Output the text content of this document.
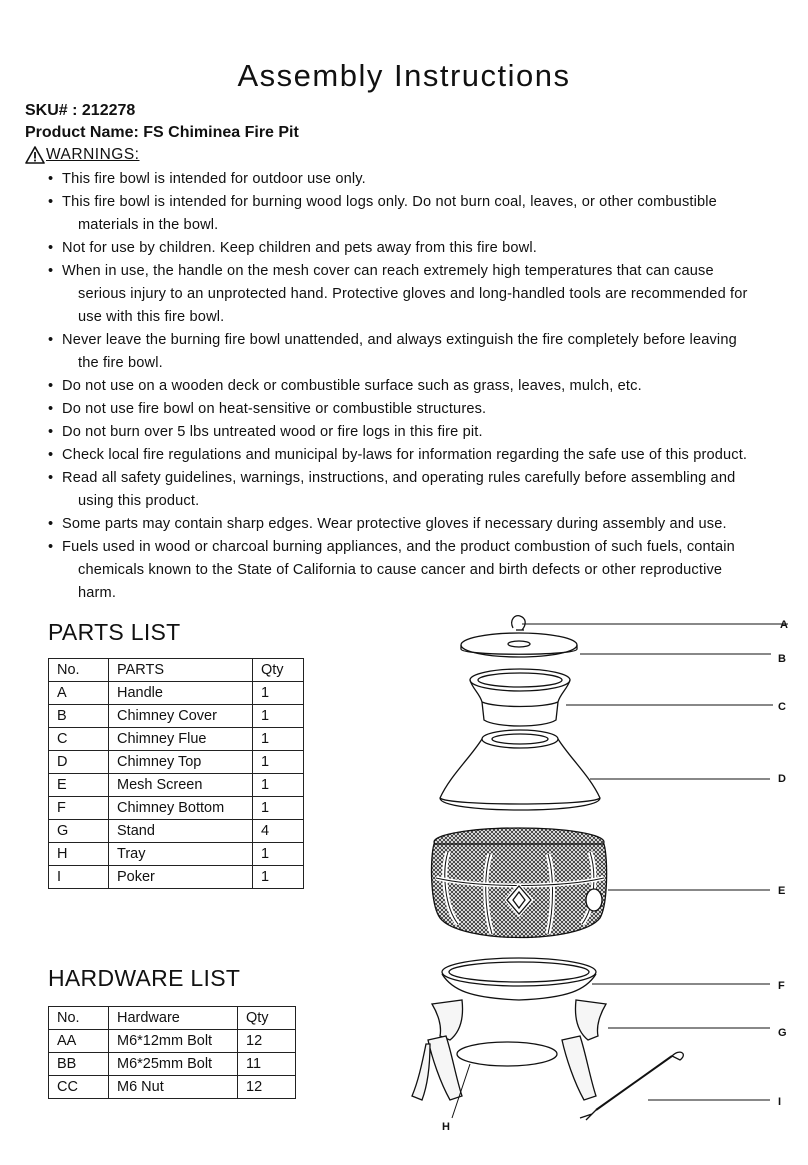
Assembly Instructions
SKU# : 212278
Product Name: FS Chiminea Fire Pit
WARNINGS:
• This fire bowl is intended for outdoor use only.
• This fire bowl is intended for burning wood logs only. Do not burn coal, leaves, or other combustible
materials in the bowl.
• Not for use by children. Keep children and pets away from this fire bowl.
• When in use, the handle on the mesh cover can reach extremely high temperatures that can cause
serious injury to an unprotected hand. Protective gloves and long-handled tools are recommended for
use with this fire bowl.
• Never leave the burning fire bowl unattended, and always extinguish the fire completely before leaving
the fire bowl.
• Do not use on a wooden deck or combustible surface such as grass, leaves, mulch, etc.
• Do not use fire bowl on heat-sensitive or combustible structures.
• Do not burn over 5 lbs untreated wood or fire logs in this fire pit.
• Check local fire regulations and municipal by-laws for information regarding the safe use of this product.
• Read all safety guidelines, warnings, instructions, and operating rules carefully before assembling and
using this product.
• Some parts may contain sharp edges. Wear protective gloves if necessary during assembly and use.
• Fuels used in wood or charcoal burning appliances, and the product combustion of such fuels, contain
chemicals known to the State of California to cause cancer and birth defects or other reproductive
harm.
PARTS LIST
No.	PARTS	Qty
A	Handle	1
B	Chimney Cover	1
C	Chimney Flue	1
D	Chimney Top	1
E	Mesh Screen	1
F	Chimney Bottom	1
G	Stand	4
H	Tray	1
I	Poker	1
HARDWARE LIST
No.	Hardware	Qty
AA	M6*12mm Bolt	12
BB	M6*25mm Bolt	11
CC	M6 Nut	12
A
B
C
D
E
F
G
H
I
